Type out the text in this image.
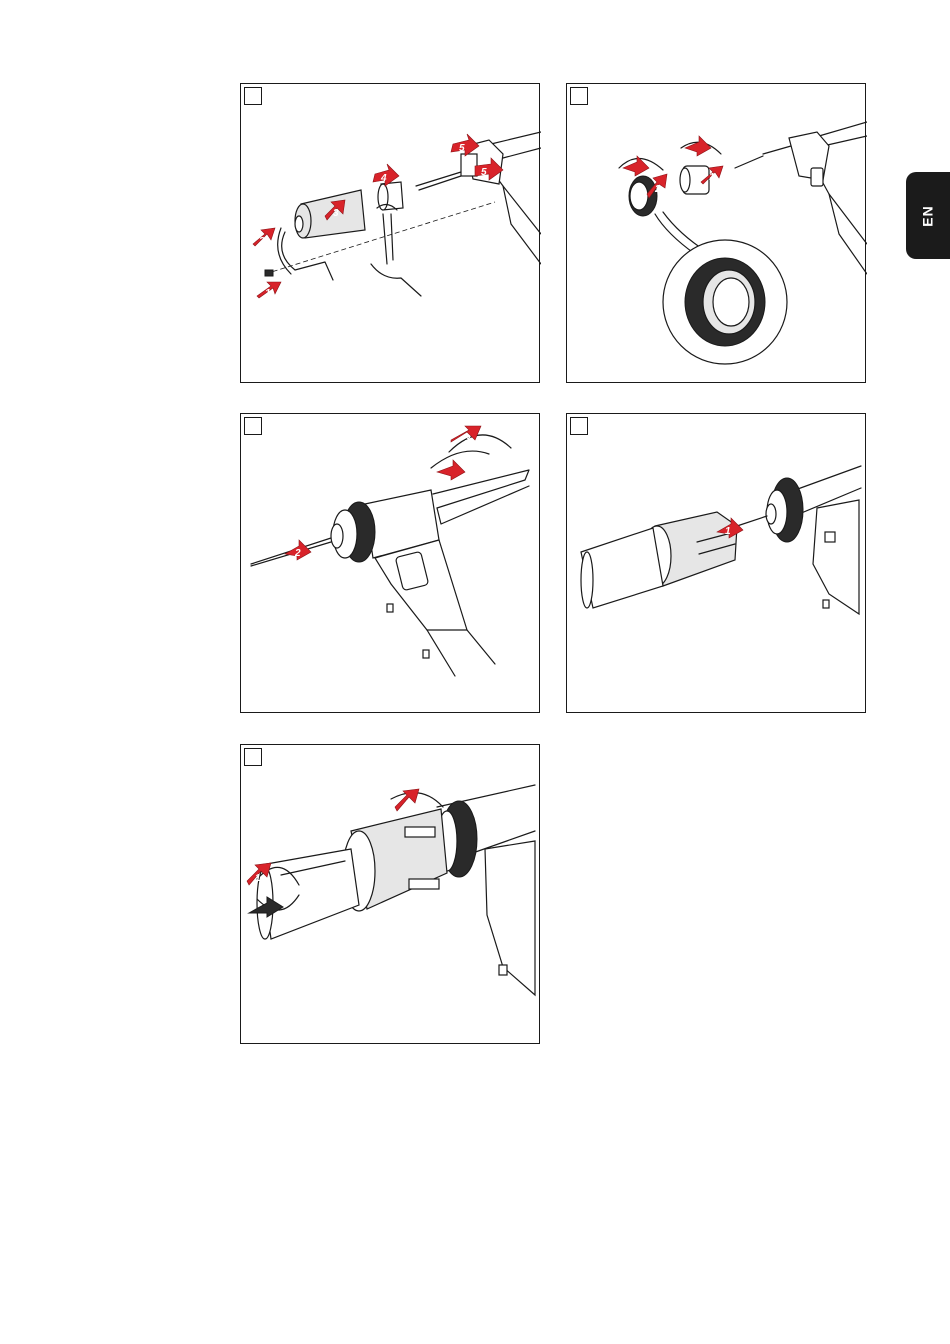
EN
5
5
4
3
2
1
2
1
3
2
1
2
1
